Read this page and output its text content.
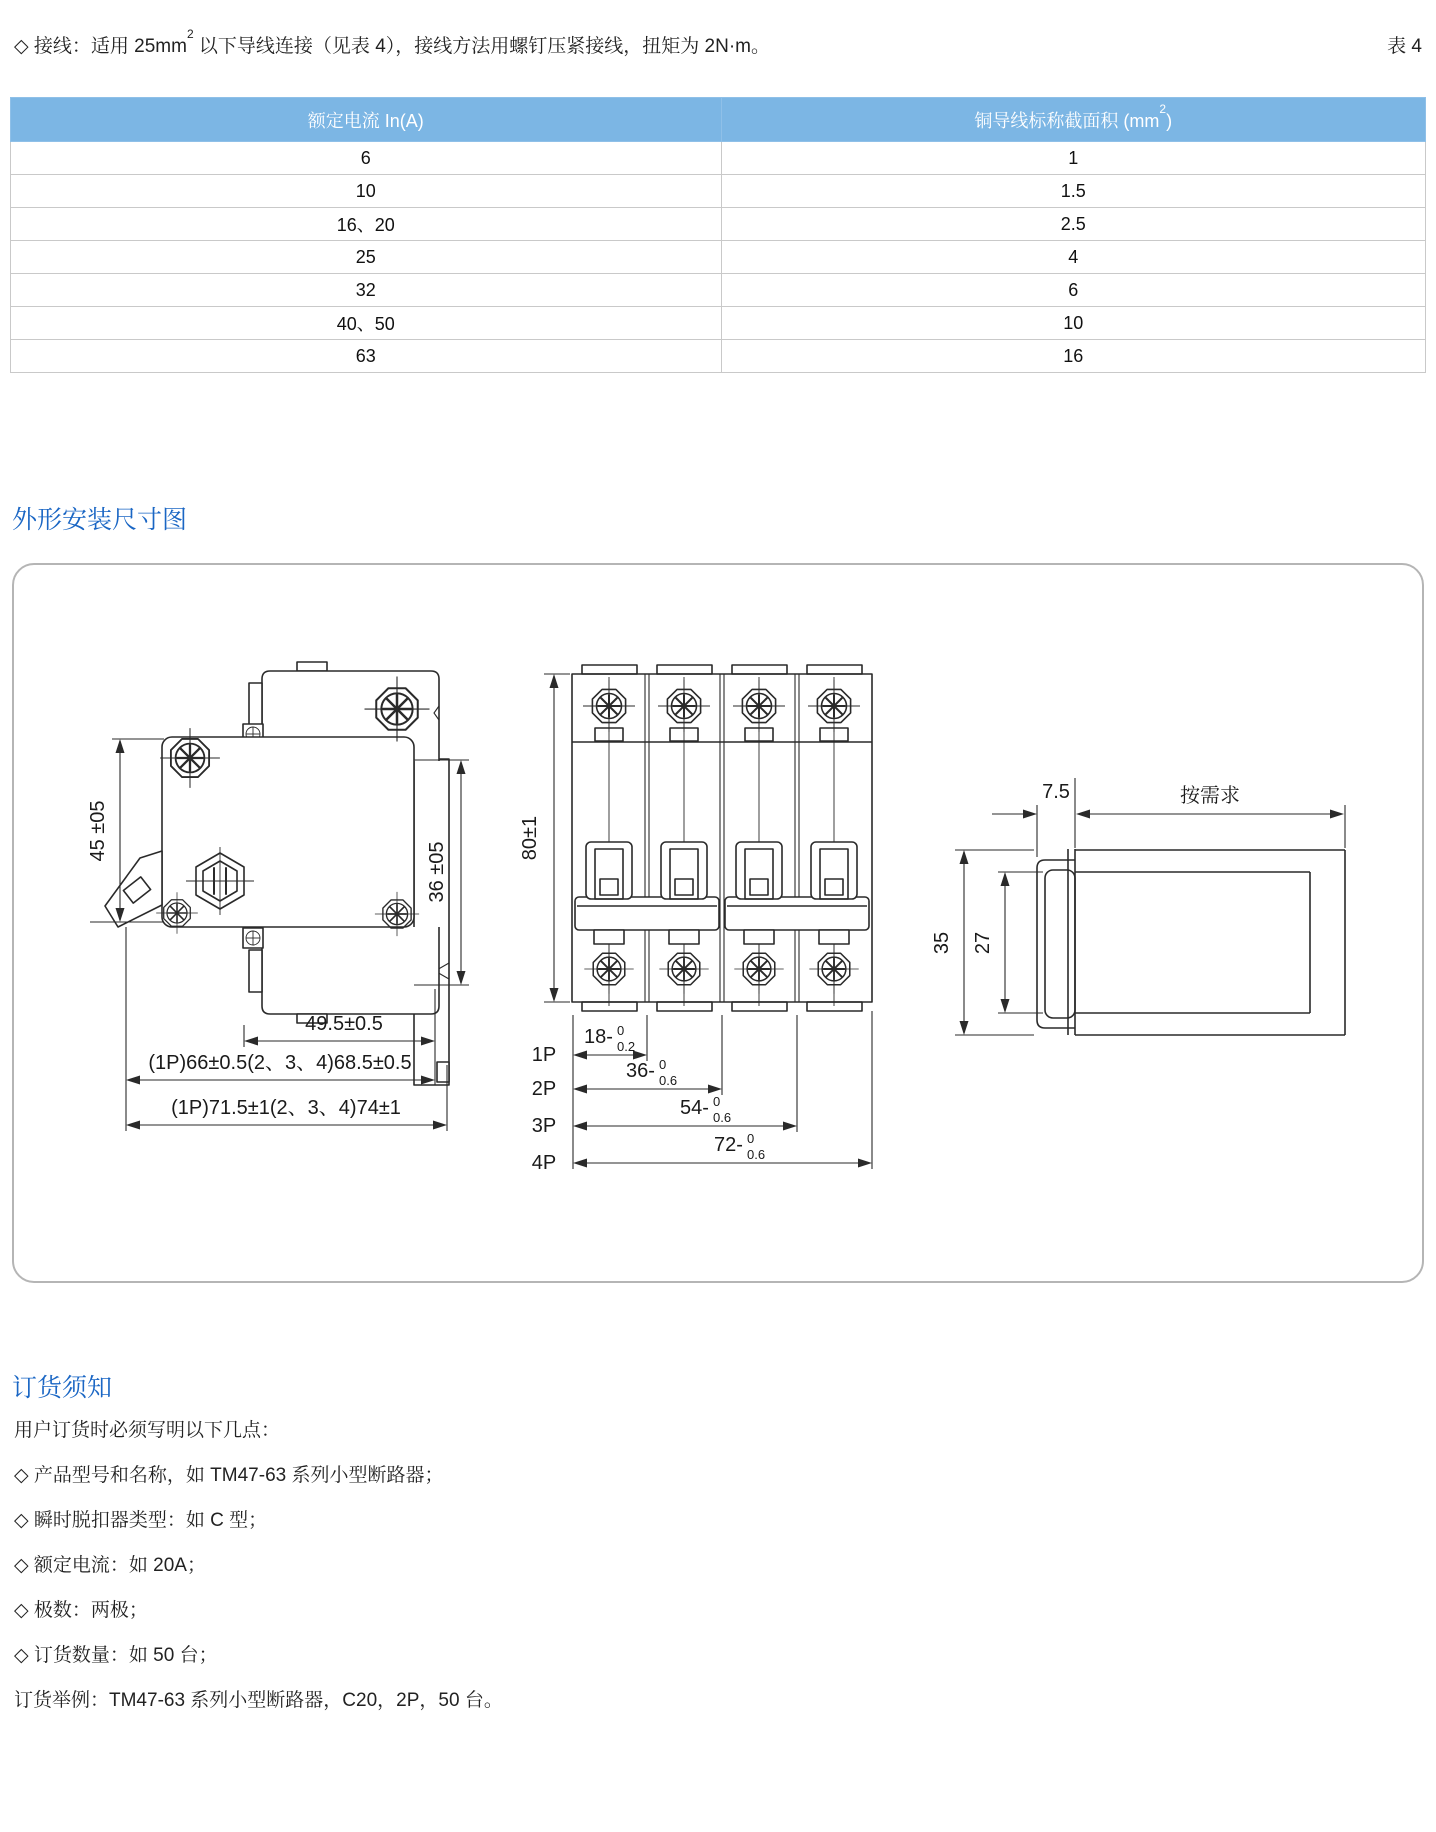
◇ 接线：适用 $25mm^2$ 以下导线连接（见表 4），接线方法用螺钉压紧接线，扭矩为 2N·m。	表 4
额定电流 In(A)	铜导线标称截面积 $(mm^2)$
6	1
10	1.5
16、20	2.5
25	4
32	6
40、50	10
63	16
外形安装尺寸图
45 ±05
36 ±05
49.5±0.5
(1P)66±0.5(2、3、4)68.5±0.5
(1P)71.5±1(2、3、4)74±1
80±1
1P
18- 0
0.2
2P
36- 0
0.6
3P
54- 0
0.6
4P
72- 0
0.6
7.5	按需求
35 27
订货须知

用户订货时必须写明以下几点：

◇ 产品型号和名称，如 TM47-63 系列小型断路器；

◇ 瞬时脱扣器类型：如 C 型；

◇ 额定电流：如 20A；

◇ 极数：两极；

◇ 订货数量：如 50 台；

订货举例：TM47-63 系列小型断路器，C20，2P，50 台。
